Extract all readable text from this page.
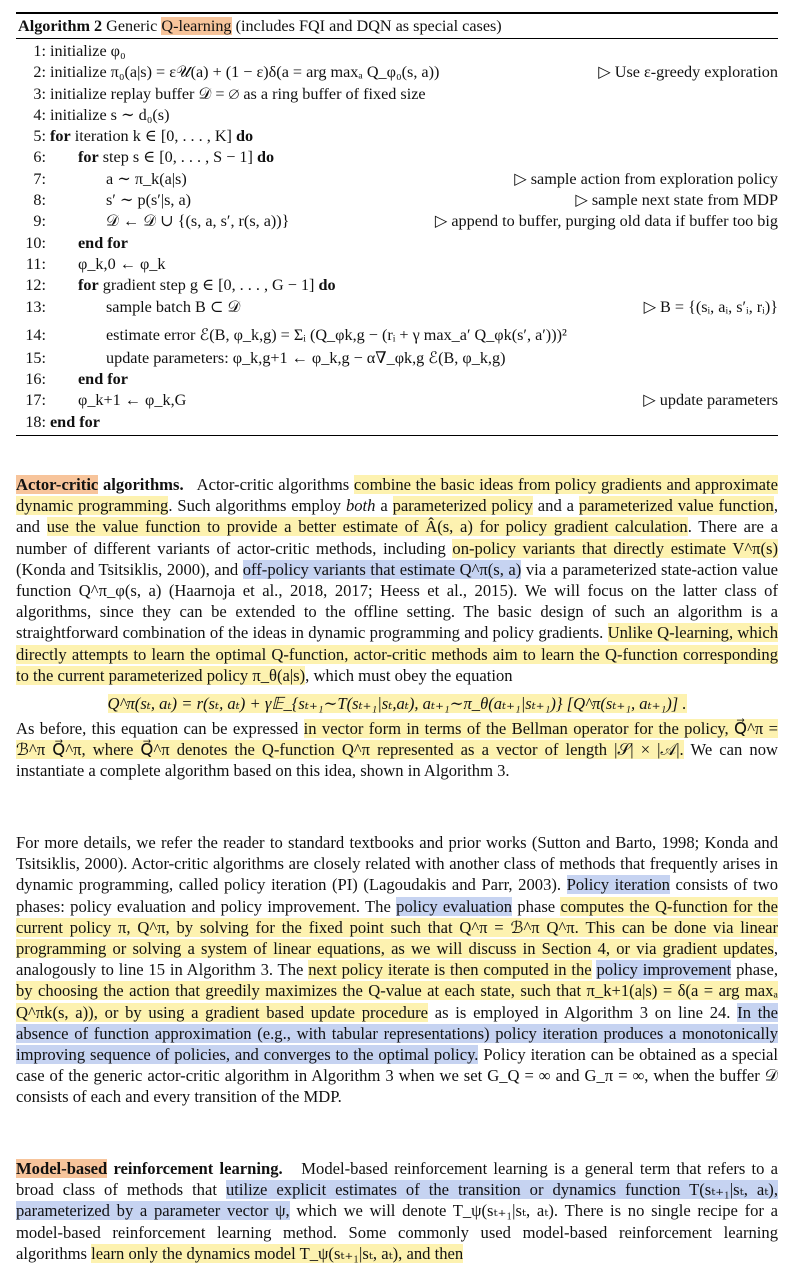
Algorithm 2 Generic Q-learning (includes FQI and DQN as special cases)
1: initialize φ₀
2: initialize π₀(a|s) = ε𝒰(a) + (1 − ε)δ(a = arg maxₐ Q_φ₀(s, a))	▷ Use ε-greedy exploration
3: initialize replay buffer 𝒟 = ∅ as a ring buffer of fixed size
4: initialize s ∼ d₀(s)
5: for iteration k ∈ [0, . . . , K] do
6: for step s ∈ [0, . . . , S − 1] do
7:	a ∼ π_k(a|s)	▷ sample action from exploration policy
8:	s′ ∼ p(s′|s, a)	▷ sample next state from MDP
9:	𝒟 ← 𝒟 ∪ {(s, a, s′, r(s, a))}	▷ append to buffer, purging old data if buffer too big
10: end for
11: φ_k,0 ← φ_k
12: for gradient step g ∈ [0, . . . , G − 1] do
13:	sample batch B ⊂ 𝒟	▷ B = {(sᵢ, aᵢ, s′ᵢ, rᵢ)}
14:	estimate error ℰ(B, φ_k,g) = Σᵢ (Q_φk,g − (rᵢ + γ max_a′ Q_φk(s′, a′)))²
15:	update parameters: φ_k,g+1 ← φ_k,g − α∇_φk,g ℰ(B, φ_k,g)
16: end for
17: φ_k+1 ← φ_k,G	▷ update parameters
18: end for

Actor-critic algorithms. Actor-critic algorithms combine the basic ideas from policy gradients and approximate dynamic programming. Such algorithms employ both a parameterized policy and a parameterized value function, and use the value function to provide a better estimate of Â(s, a) for policy gradient calculation. There are a number of different variants of actor-critic methods, including on-policy variants that directly estimate V^π(s) (Konda and Tsitsiklis, 2000), and off-policy variants that estimate Q^π(s, a) via a parameterized state-action value function Q^π_φ(s, a) (Haarnoja et al., 2018, 2017; Heess et al., 2015). We will focus on the latter class of algorithms, since they can be extended to the offline setting. The basic design of such an algorithm is a straightforward combination of the ideas in dynamic programming and policy gradients. Unlike Q-learning, which directly attempts to learn the optimal Q-function, actor-critic methods aim to learn the Q-function corresponding to the current parameterized policy π_θ(a|s), which must obey the equation

Q^π(sₜ, aₜ) = r(sₜ, aₜ) + γ𝔼_{sₜ₊₁∼T(sₜ₊₁|sₜ,aₜ), aₜ₊₁∼π_θ(aₜ₊₁|sₜ₊₁)} [Q^π(sₜ₊₁, aₜ₊₁)] .

As before, this equation can be expressed in vector form in terms of the Bellman operator for the policy, Q⃗^π = ℬ^π Q⃗^π, where Q⃗^π denotes the Q-function Q^π represented as a vector of length |𝒮| × |𝒜|. We can now instantiate a complete algorithm based on this idea, shown in Algorithm 3.

For more details, we refer the reader to standard textbooks and prior works (Sutton and Barto, 1998; Konda and Tsitsiklis, 2000). Actor-critic algorithms are closely related with another class of methods that frequently arises in dynamic programming, called policy iteration (PI) (Lagoudakis and Parr, 2003). Policy iteration consists of two phases: policy evaluation and policy improvement. The policy evaluation phase computes the Q-function for the current policy π, Q^π, by solving for the fixed point such that Q^π = ℬ^π Q^π. This can be done via linear programming or solving a system of linear equations, as we will discuss in Section 4, or via gradient updates, analogously to line 15 in Algorithm 3. The next policy iterate is then computed in the policy improvement phase, by choosing the action that greedily maximizes the Q-value at each state, such that π_k+1(a|s) = δ(a = arg maxₐ Q^πk(s, a)), or by using a gradient based update procedure as is employed in Algorithm 3 on line 24. In the absence of function approximation (e.g., with tabular representations) policy iteration produces a monotonically improving sequence of policies, and converges to the optimal policy. Policy iteration can be obtained as a special case of the generic actor-critic algorithm in Algorithm 3 when we set G_Q = ∞ and G_π = ∞, when the buffer 𝒟 consists of each and every transition of the MDP.

Model-based reinforcement learning. Model-based reinforcement learning is a general term that refers to a broad class of methods that utilize explicit estimates of the transition or dynamics function T(sₜ₊₁|sₜ, aₜ), parameterized by a parameter vector ψ, which we will denote T_ψ(sₜ₊₁|sₜ, aₜ). There is no single recipe for a model-based reinforcement learning method. Some commonly used model-based reinforcement learning algorithms learn only the dynamics model T_ψ(sₜ₊₁|sₜ, aₜ), and then
